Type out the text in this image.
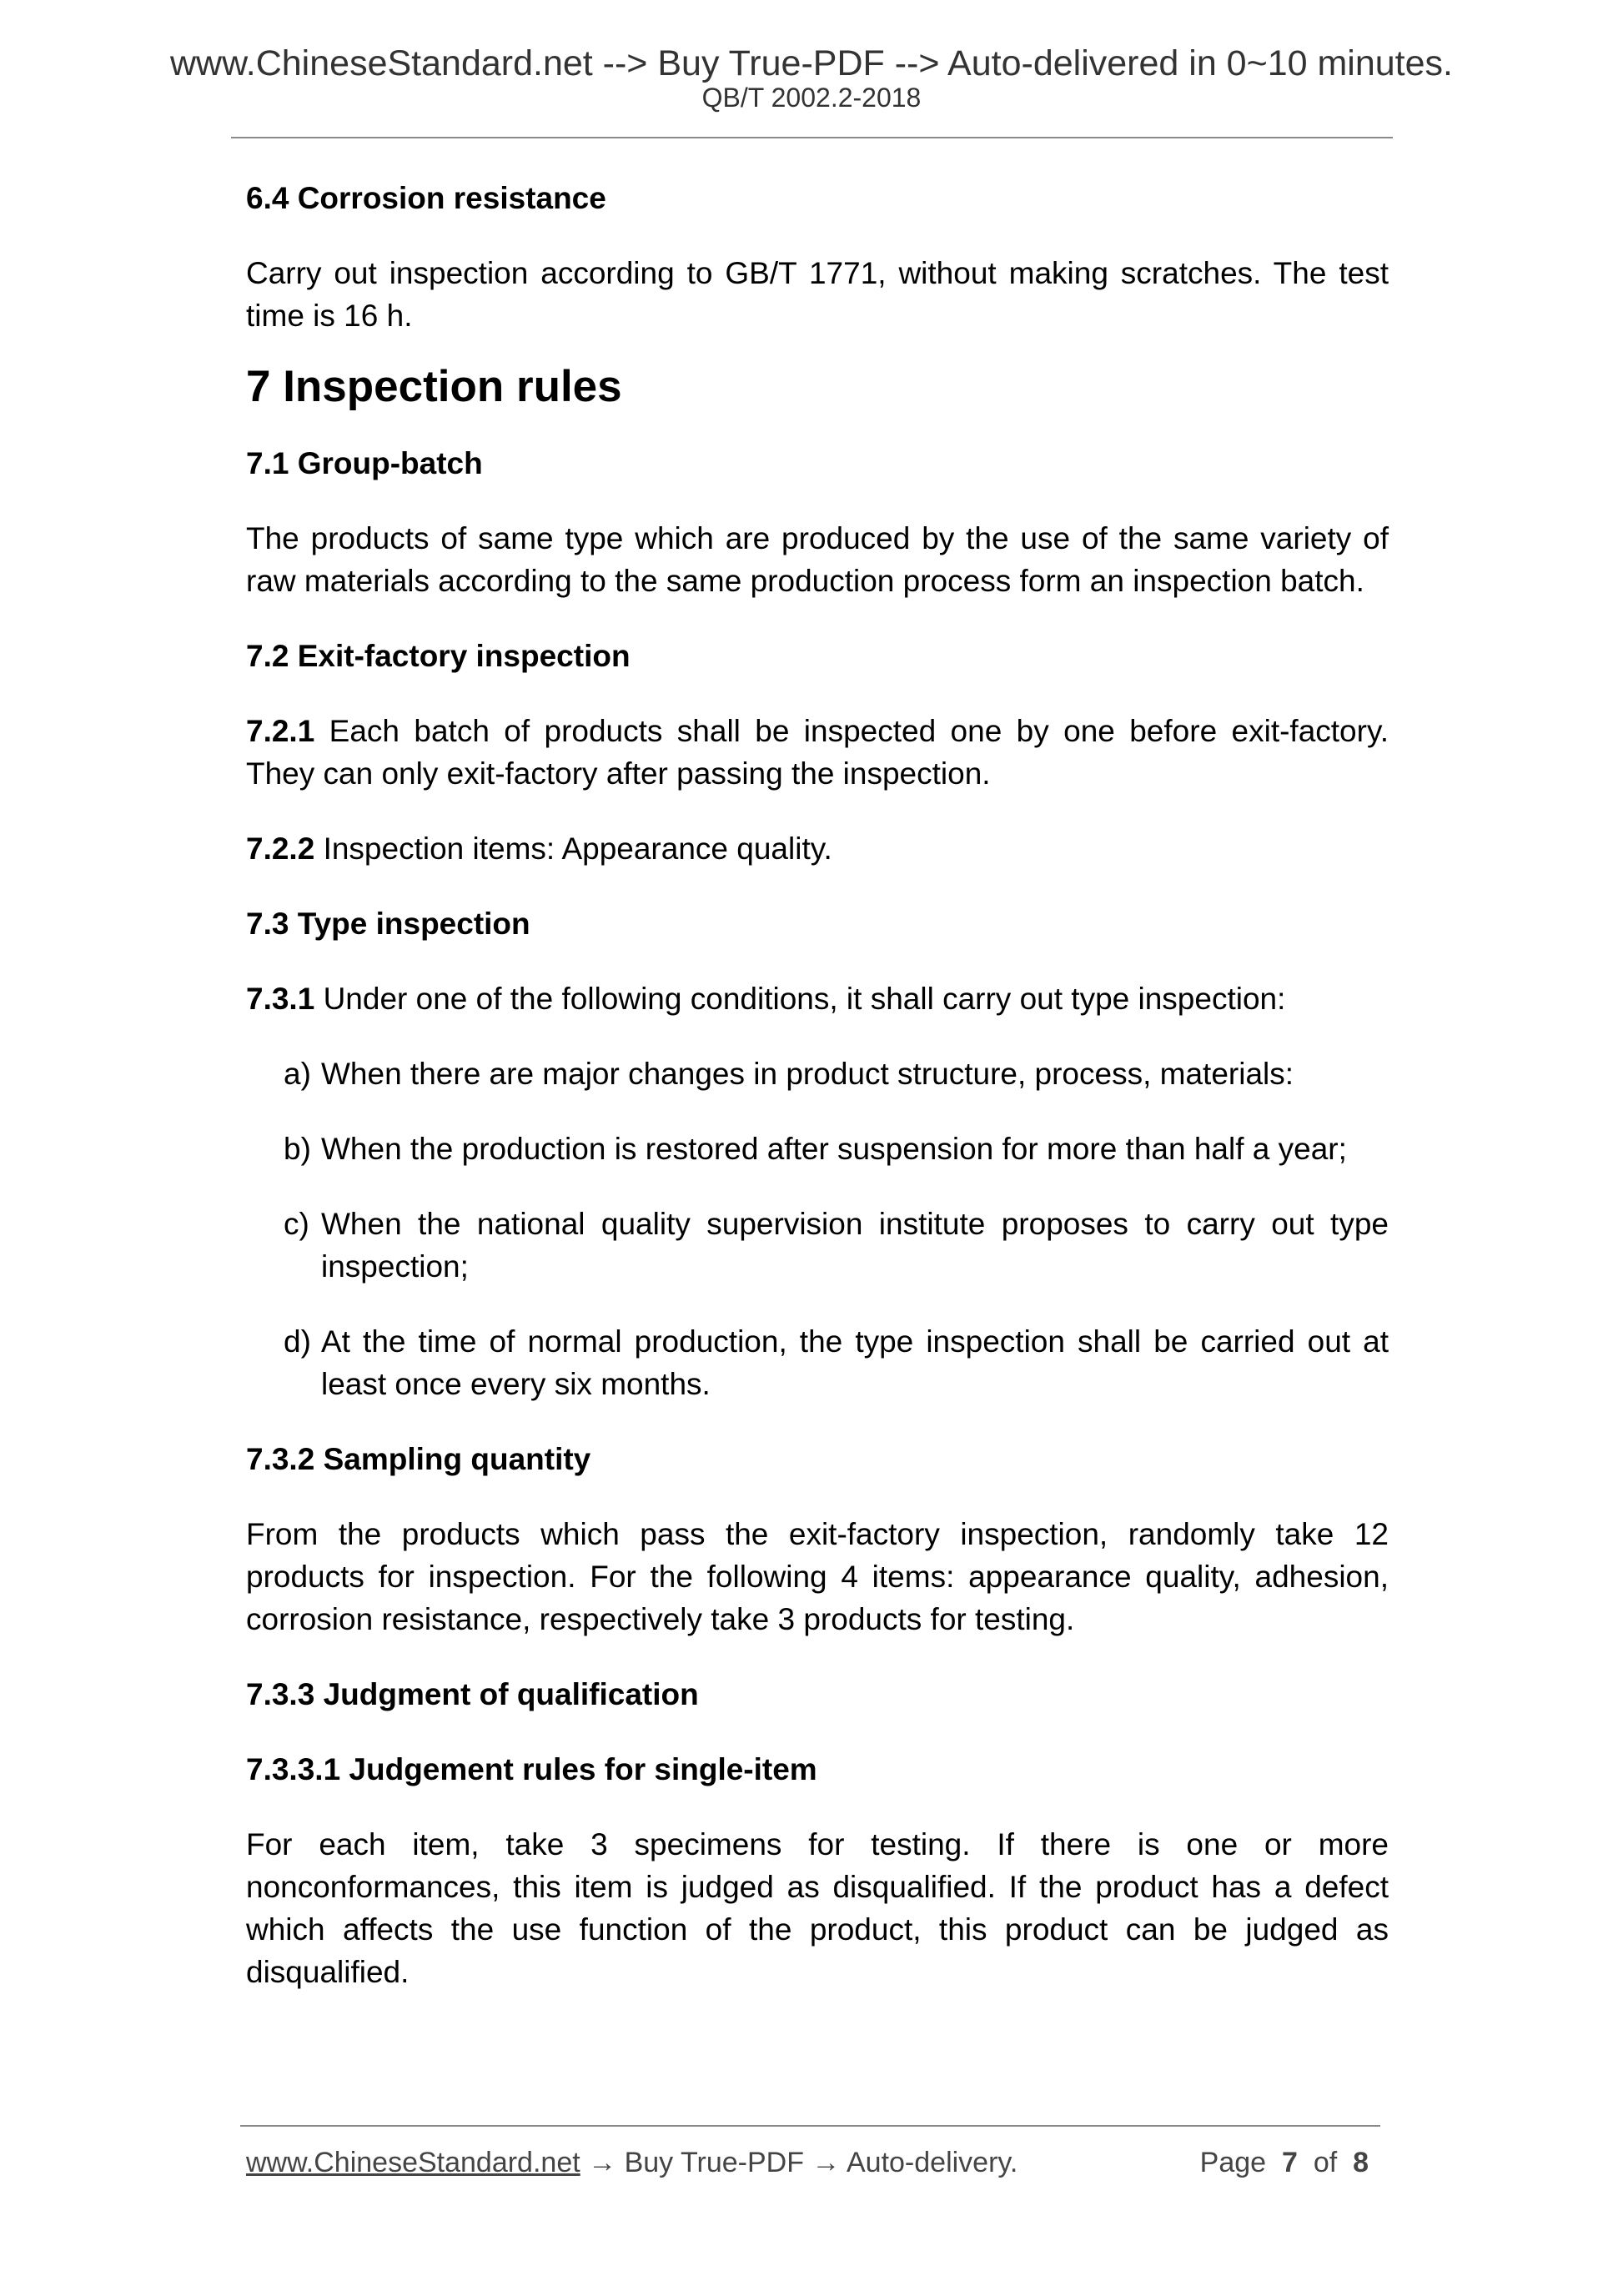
www.ChineseStandard.net --> Buy True-PDF --> Auto-delivered in 0~10 minutes.
QB/T 2002.2-2018
6.4 Corrosion resistance
Carry out inspection according to GB/T 1771, without making scratches. The test time is 16 h.
7 Inspection rules
7.1 Group-batch
The products of same type which are produced by the use of the same variety of raw materials according to the same production process form an inspection batch.
7.2 Exit-factory inspection
7.2.1 Each batch of products shall be inspected one by one before exit-factory. They can only exit-factory after passing the inspection.
7.2.2 Inspection items: Appearance quality.
7.3 Type inspection
7.3.1 Under one of the following conditions, it shall carry out type inspection:
a) When there are major changes in product structure, process, materials:
b) When the production is restored after suspension for more than half a year;
c) When the national quality supervision institute proposes to carry out type inspection;
d) At the time of normal production, the type inspection shall be carried out at least once every six months.
7.3.2 Sampling quantity
From the products which pass the exit-factory inspection, randomly take 12 products for inspection. For the following 4 items: appearance quality, adhesion, corrosion resistance, respectively take 3 products for testing.
7.3.3 Judgment of qualification
7.3.3.1 Judgement rules for single-item
For each item, take 3 specimens for testing. If there is one or more nonconformances, this item is judged as disqualified. If the product has a defect which affects the use function of the product, this product can be judged as disqualified.
www.ChineseStandard.net → Buy True-PDF → Auto-delivery.	Page 7 of 8
